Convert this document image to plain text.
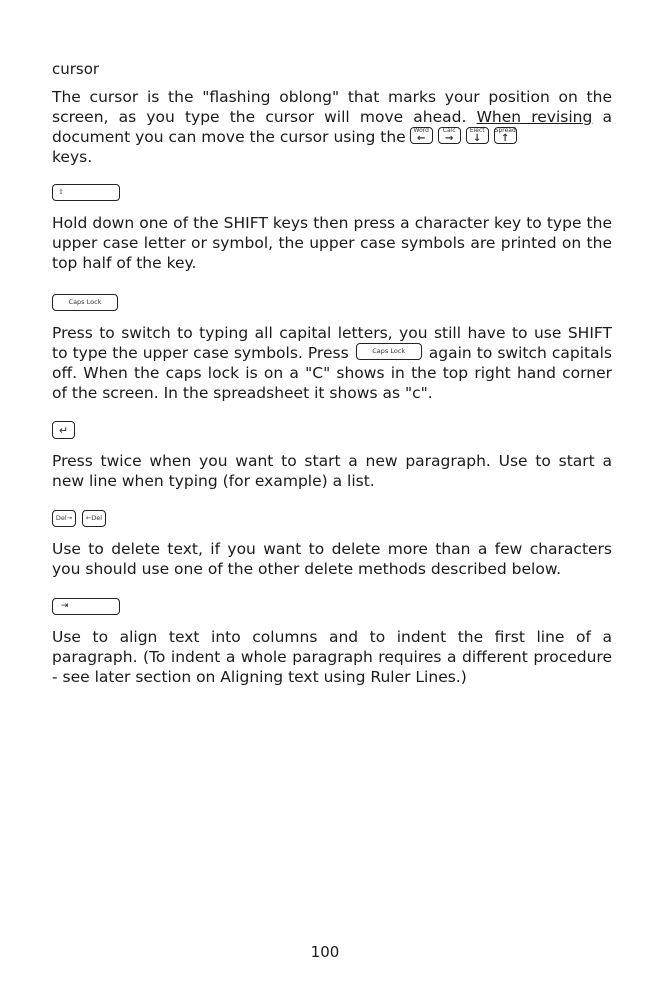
cursor

The cursor is the "flashing oblong" that marks your position on the screen, as you type the cursor will move ahead. When revising a document you can move the cursor using the Word
←
Calc
→
Elect
↓
Spread
↑

keys.

⇧

Hold down one of the SHIFT keys then press a character key to type the upper case letter or symbol, the upper case symbols are printed on the top half of the key.

Caps Lock

Press to switch to typing all capital letters, you still have to use SHIFT to type the upper case symbols. Press	Caps Lock	again to switch capitals off. When the caps lock is on a "C" shows in the top right hand corner of the screen. In the spreadsheet it shows as "c".

↵

Press twice when you want to start a new paragraph. Use to start a new line when typing (for example) a list.

Del→	←Del

Use to delete text, if you want to delete more than a few characters you should use one of the other delete methods described below.

⇥

Use to align text into columns and to indent the first line of a paragraph. (To indent a whole paragraph requires a different procedure - see later section on Aligning text using Ruler Lines.)

100
